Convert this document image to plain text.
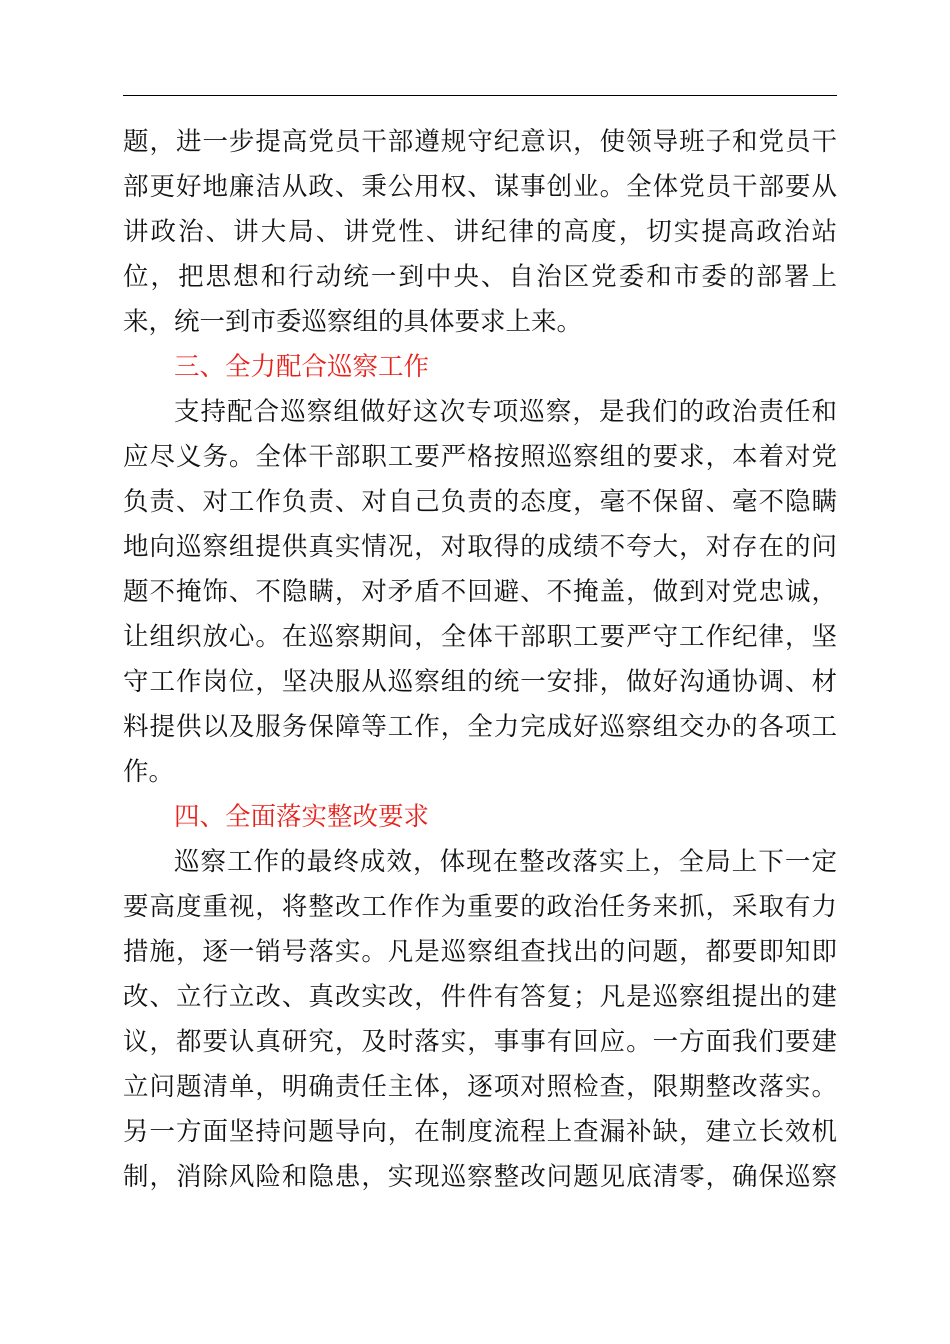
题，进一步提高党员干部遵规守纪意识，使领导班子和党员干
部更好地廉洁从政、秉公用权、谋事创业。全体党员干部要从
讲政治、讲大局、讲党性、讲纪律的高度，切实提高政治站
位，把思想和行动统一到中央、自治区党委和市委的部署上
来，统一到市委巡察组的具体要求上来。
三、全力配合巡察工作
支持配合巡察组做好这次专项巡察，是我们的政治责任和
应尽义务。全体干部职工要严格按照巡察组的要求，本着对党
负责、对工作负责、对自己负责的态度，毫不保留、毫不隐瞒
地向巡察组提供真实情况，对取得的成绩不夸大，对存在的问
题不掩饰、不隐瞒，对矛盾不回避、不掩盖，做到对党忠诚，
让组织放心。在巡察期间，全体干部职工要严守工作纪律，坚
守工作岗位，坚决服从巡察组的统一安排，做好沟通协调、材
料提供以及服务保障等工作，全力完成好巡察组交办的各项工
作。
四、全面落实整改要求
巡察工作的最终成效，体现在整改落实上，全局上下一定
要高度重视，将整改工作作为重要的政治任务来抓，采取有力
措施，逐一销号落实。凡是巡察组查找出的问题，都要即知即
改、立行立改、真改实改，件件有答复；凡是巡察组提出的建
议，都要认真研究，及时落实，事事有回应。一方面我们要建
立问题清单，明确责任主体，逐项对照检查，限期整改落实。
另一方面坚持问题导向，在制度流程上查漏补缺，建立长效机
制，消除风险和隐患，实现巡察整改问题见底清零，确保巡察
